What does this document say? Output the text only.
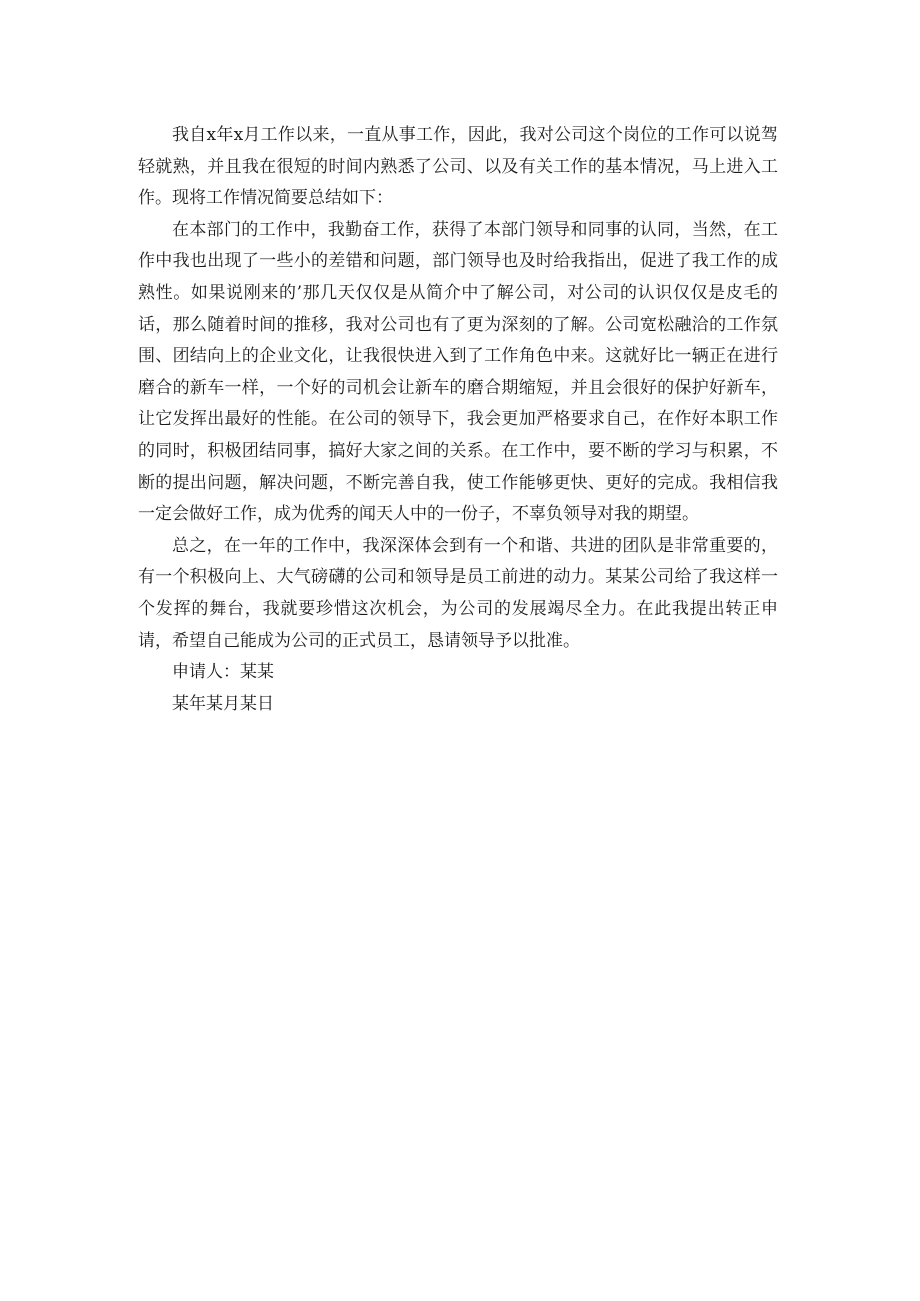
我自x年x月工作以来，一直从事工作，因此，我对公司这个岗位的工作可以说驾轻就熟，并且我在很短的时间内熟悉了公司、以及有关工作的基本情况，马上进入工作。现将工作情况简要总结如下：

在本部门的工作中，我勤奋工作，获得了本部门领导和同事的认同，当然，在工作中我也出现了一些小的差错和问题，部门领导也及时给我指出，促进了我工作的成熟性。如果说刚来的’那几天仅仅是从简介中了解公司，对公司的认识仅仅是皮毛的话，那么随着时间的推移，我对公司也有了更为深刻的了解。公司宽松融洽的工作氛围、团结向上的企业文化，让我很快进入到了工作角色中来。这就好比一辆正在进行磨合的新车一样，一个好的司机会让新车的磨合期缩短，并且会很好的保护好新车，让它发挥出最好的性能。在公司的领导下，我会更加严格要求自己，在作好本职工作的同时，积极团结同事，搞好大家之间的关系。在工作中，要不断的学习与积累，不断的提出问题，解决问题，不断完善自我，使工作能够更快、更好的完成。我相信我一定会做好工作，成为优秀的闻天人中的一份子，不辜负领导对我的期望。

总之，在一年的工作中，我深深体会到有一个和谐、共进的团队是非常重要的，有一个积极向上、大气磅礴的公司和领导是员工前进的动力。某某公司给了我这样一个发挥的舞台，我就要珍惜这次机会，为公司的发展竭尽全力。在此我提出转正申请，希望自己能成为公司的正式员工，恳请领导予以批准。

申请人：某某

某年某月某日
